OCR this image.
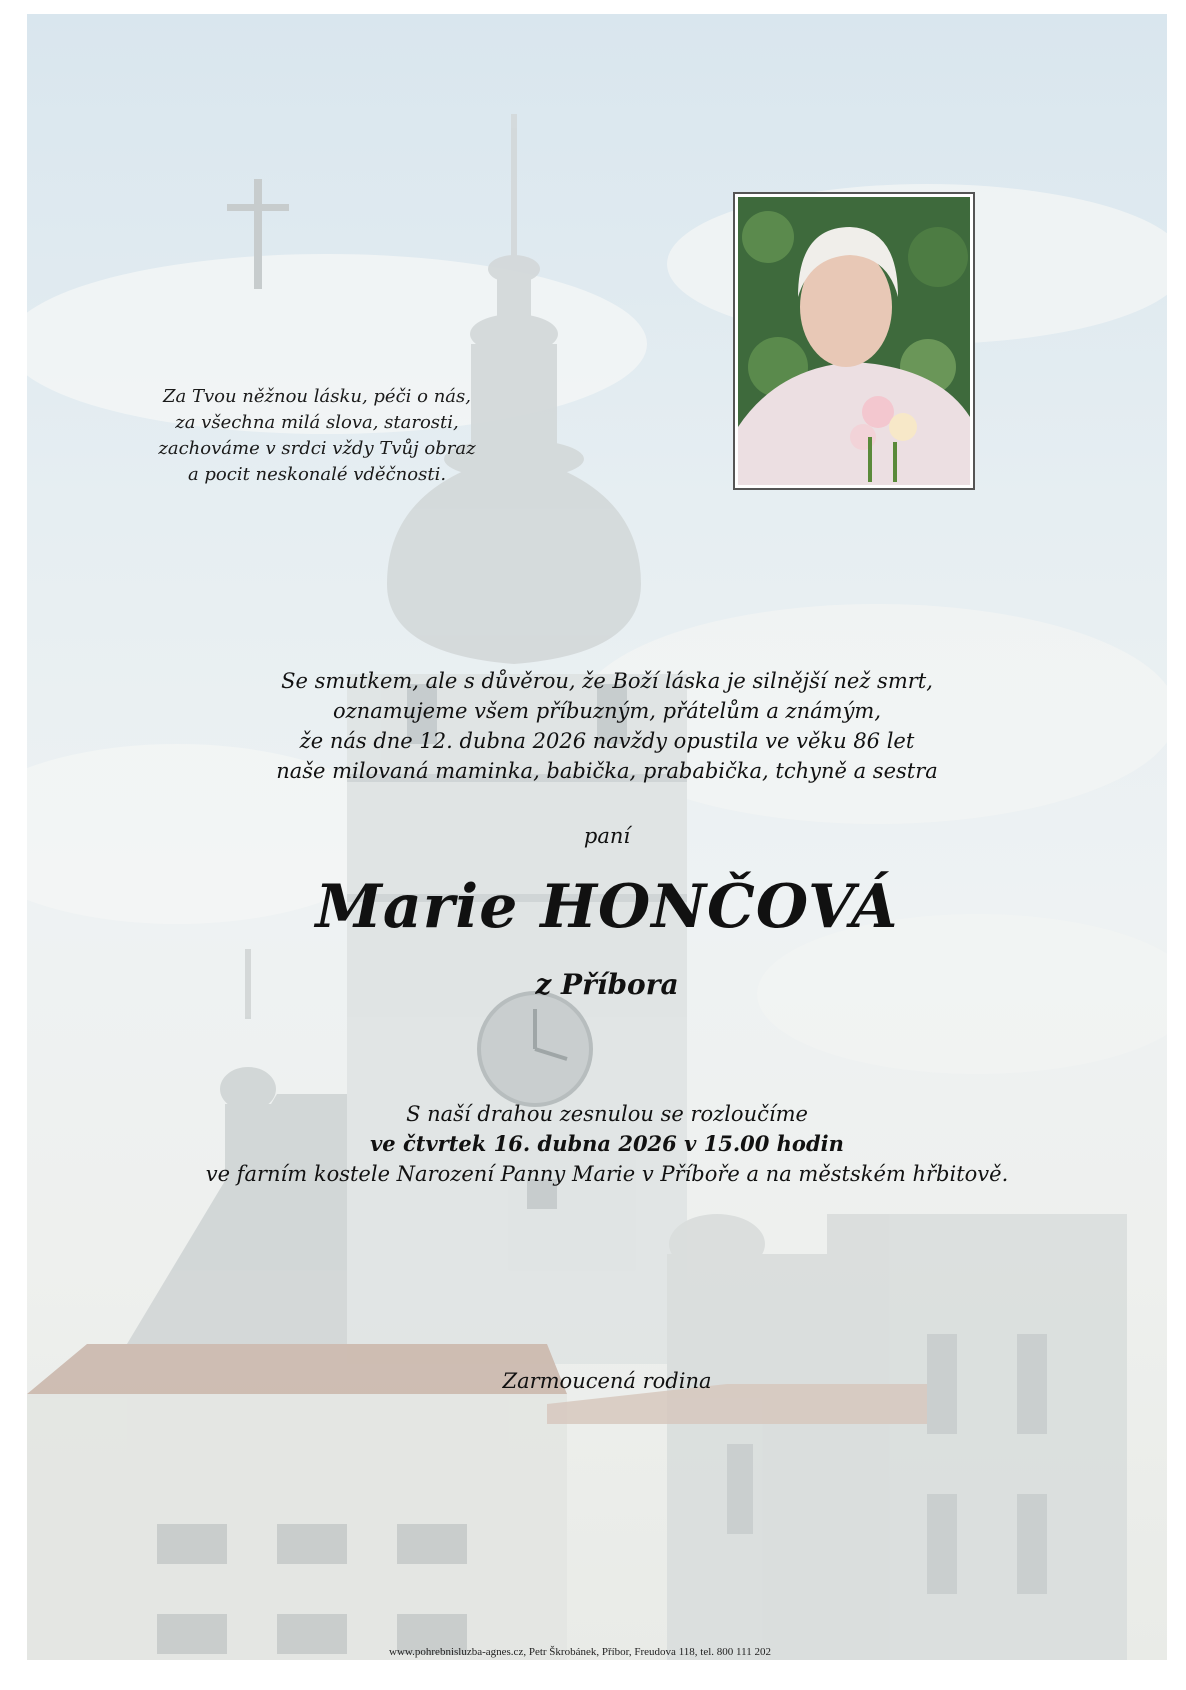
Za Tvou něžnou lásku, péči o nás,
za všechna milá slova, starosti,
zachováme v srdci vždy Tvůj obraz
a pocit neskonalé vděčnosti.
Se smutkem, ale s důvěrou, že Boží láska je silnější než smrt,
oznamujeme všem příbuzným, přátelům a známým,
že nás dne 12. dubna 2026 navždy opustila ve věku 86 let
naše milovaná maminka, babička, prababička, tchyně a sestra
paní
Marie HONČOVÁ
z Příbora
S naší drahou zesnulou se rozloučíme
ve čtvrtek 16. dubna 2026 v 15.00 hodin
ve farním kostele Narození Panny Marie v Příboře a na městském hřbitově.
Zarmoucená rodina
www.pohrebnisluzba-agnes.cz, Petr Škrobánek, Příbor, Freudova 118, tel. 800 111 202
